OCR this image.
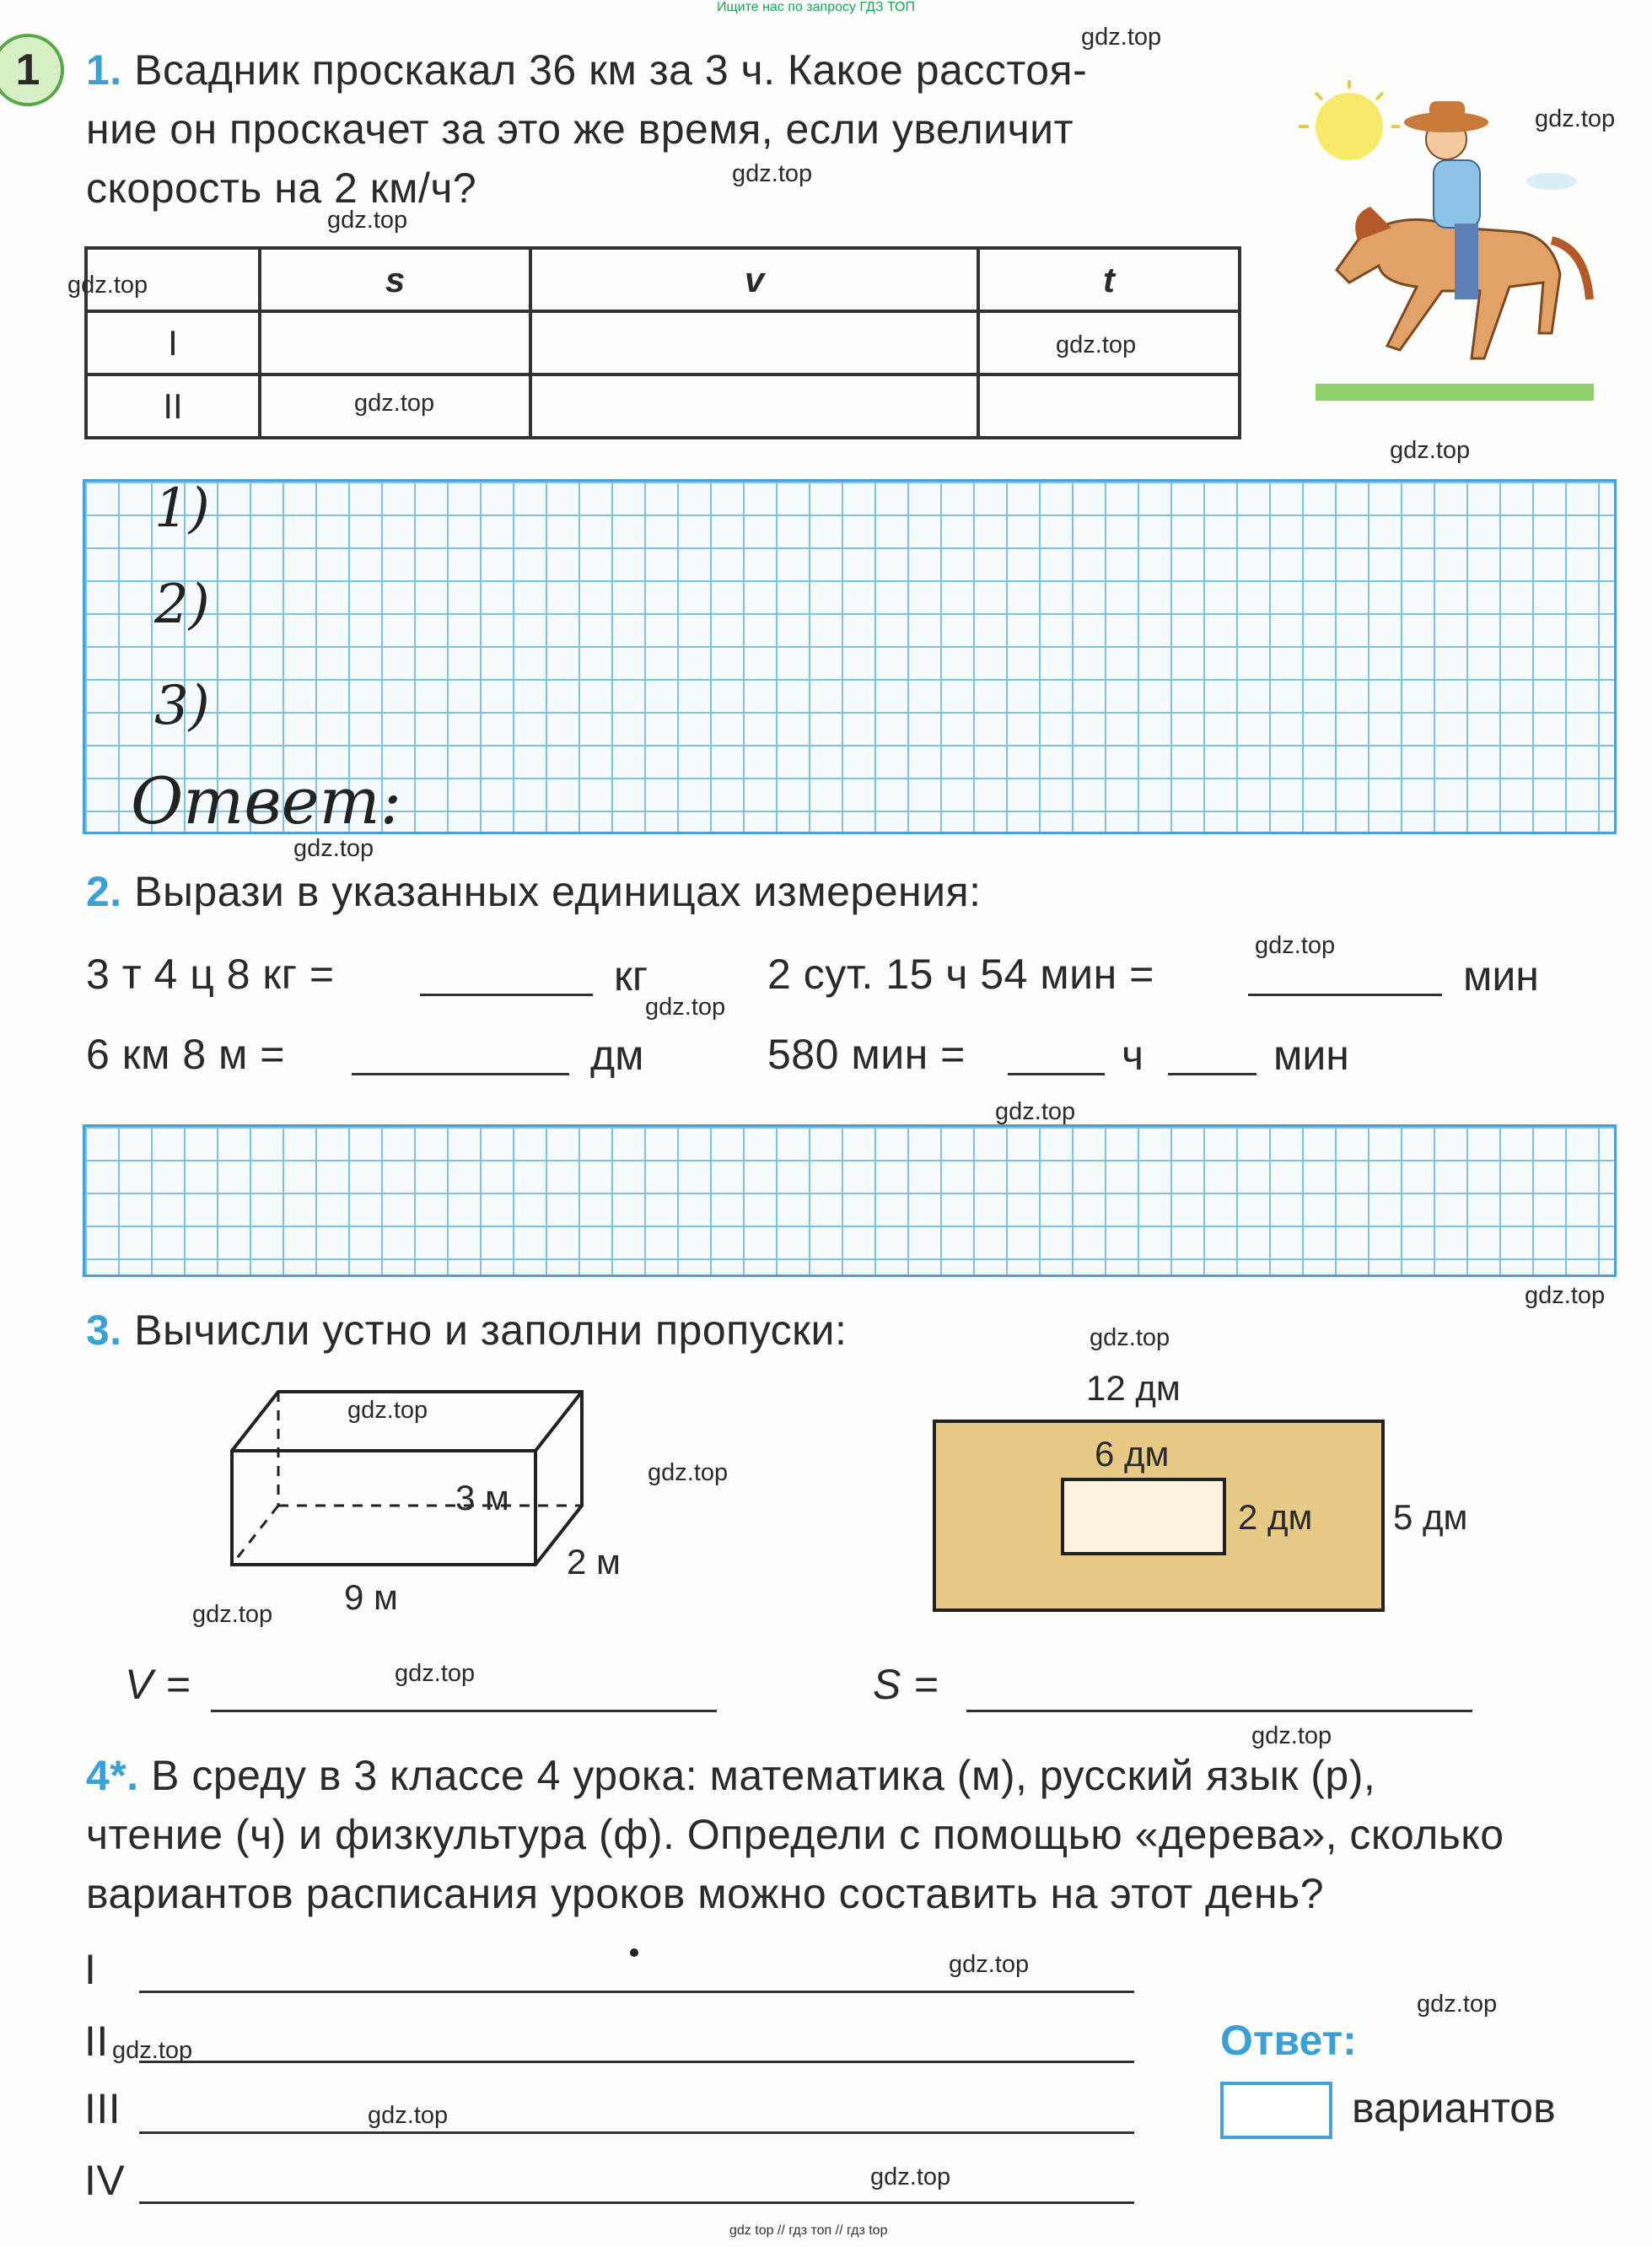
Ищите нас по запросу ГДЗ ТОП
1	1. Всадник проскакал 36 км за 3 ч. Какое расстоя-
ние он проскачет за это же время, если увеличит
скорость на 2 км/ч?
	s	v	t
I			
II			
1)
2)
3)
Ответ:
2. Вырази в указанных единицах измерения:
3 т 4 ц 8 кг =	кг	2 сут. 15 ч 54 мин =	мин
6 км 8 м =	дм	580 мин =	ч	мин
3. Вычисли устно и заполни пропуски:
3 м
2 м
9 м
12 дм
6 дм
2 дм 5 дм
V =	S =
4*. В среду в 3 классе 4 урока: математика (м), русский язык (р),
чтение (ч) и физкультура (ф). Определи с помощью «дерева», сколько
вариантов расписания уроков можно составить на этот день?
I
II
III
IV
Ответ:
вариантов
gdz.top
gdz.top
gdz.top
gdz.top
gdz.top
gdz.top
gdz.top
gdz.top
gdz.top
gdz.top
gdz.top
gdz.top
gdz.top
gdz.top
gdz.top
gdz.top
gdz.top
gdz.top
gdz.top
gdz.top
gdz.top
gdz.top
gdz.top
gdz.top
gdz top // гдз топ // гдз top
